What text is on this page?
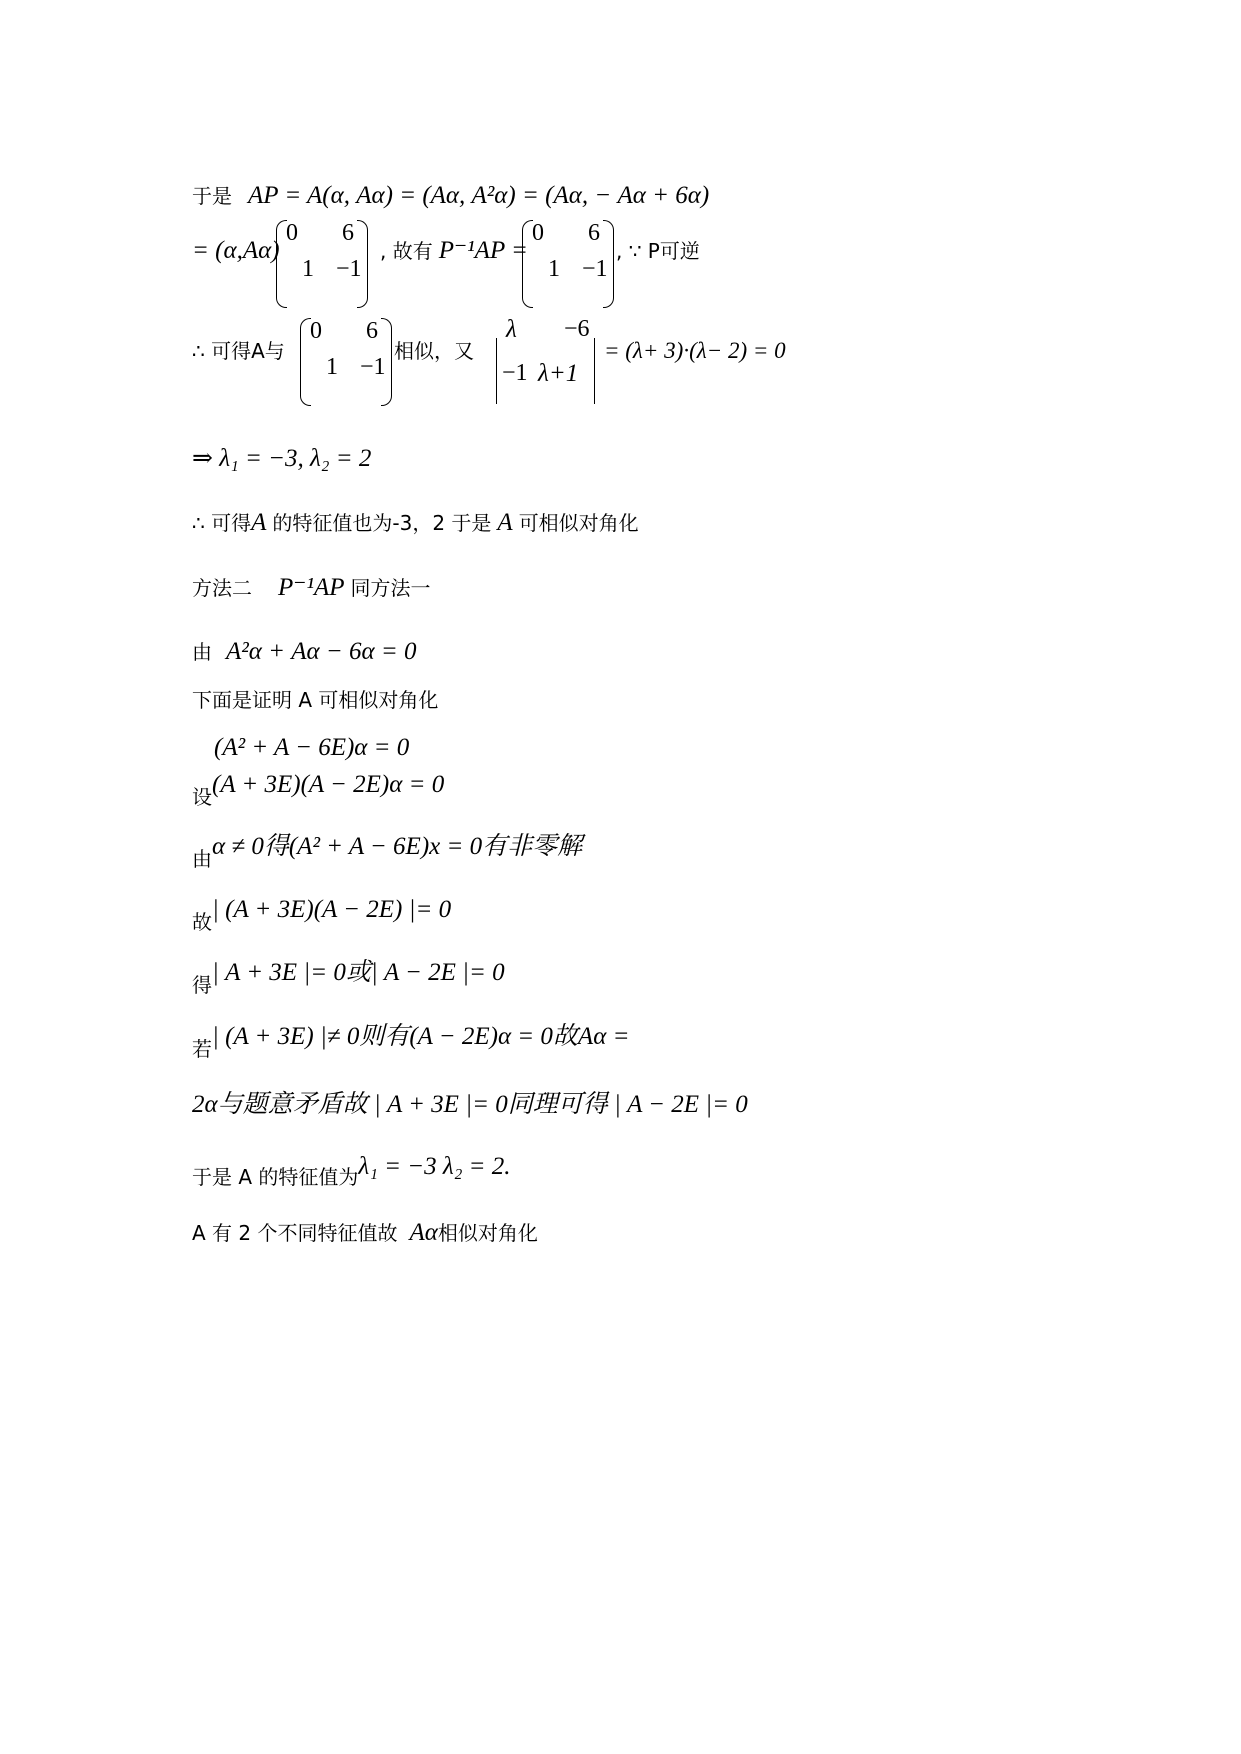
于是 AP = A(α, Aα) = (Aα, A²α) = (Aα, − Aα + 6α)
= (α,Aα)
0 6
1 −1
, 故有 P⁻¹AP =
0 6
1 −1
, ∵ P可逆
∴ 可得A与
0 6
1 −1
相似，又
λ −6
−1 λ+1
= (λ+ 3)·(λ− 2) = 0
⇒ λ₁ = −3, λ₂ = 2
∴ 可得A 的特征值也为-3，2 于是 A 可相似对角化
方法二 P⁻¹AP 同方法一
由 A²α + Aα − 6α = 0
下面是证明 A 可相似对角化
(A² + A − 6E)α = 0
$_设$(A + 3E)(A − 2E)α = 0
$_由$α ≠ 0得(A² + A − 6E)x = 0有非零解
$_故$| (A + 3E)(A − 2E) |= 0
$_得$| A + 3E |= 0或| A − 2E |= 0
$_若$| (A + 3E) |≠ 0则有(A − 2E)α = 0故Aα =
2α与题意矛盾故 | A + 3E |= 0同理可得 | A − 2E |= 0
$_{于是 A 的特征值为}$λ₁ = −3 λ₂ = 2.
A 有 2 个不同特征值故 Aα相似对角化
